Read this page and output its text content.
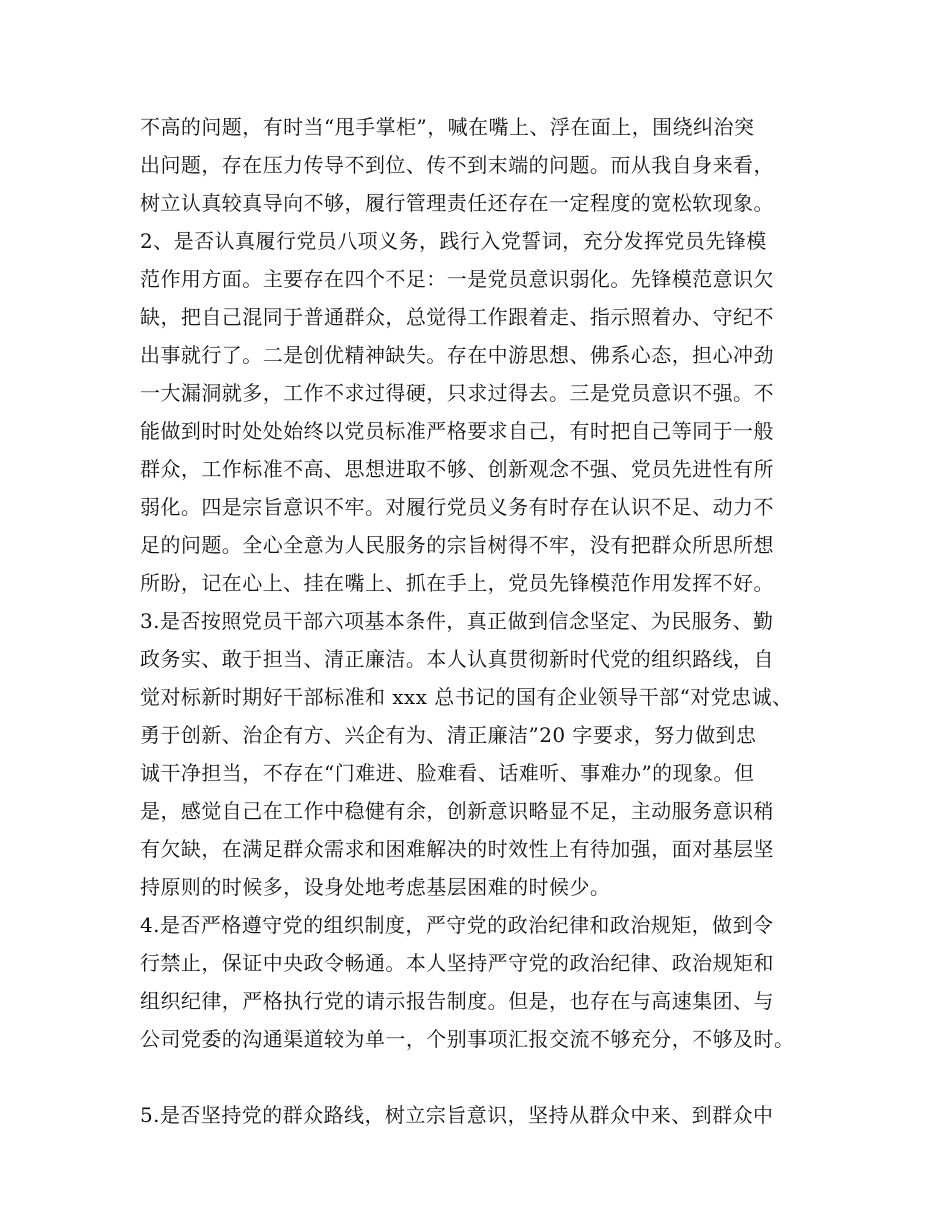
不高的问题，有时当“甩手掌柜”，喊在嘴上、浮在面上，围绕纠治突
出问题，存在压力传导不到位、传不到末端的问题。而从我自身来看，
树立认真较真导向不够，履行管理责任还存在一定程度的宽松软现象。
2、是否认真履行党员八项义务，践行入党誓词，充分发挥党员先锋模
范作用方面。主要存在四个不足：一是党员意识弱化。先锋模范意识欠
缺，把自己混同于普通群众，总觉得工作跟着走、指示照着办、守纪不
出事就行了。二是创优精神缺失。存在中游思想、佛系心态，担心冲劲
一大漏洞就多，工作不求过得硬，只求过得去。三是党员意识不强。不
能做到时时处处始终以党员标准严格要求自己，有时把自己等同于一般
群众，工作标准不高、思想进取不够、创新观念不强、党员先进性有所
弱化。四是宗旨意识不牢。对履行党员义务有时存在认识不足、动力不
足的问题。全心全意为人民服务的宗旨树得不牢，没有把群众所思所想
所盼，记在心上、挂在嘴上、抓在手上，党员先锋模范作用发挥不好。
3.是否按照党员干部六项基本条件，真正做到信念坚定、为民服务、勤
政务实、敢于担当、清正廉洁。本人认真贯彻新时代党的组织路线，自
觉对标新时期好干部标准和 xxx 总书记的国有企业领导干部“对党忠诚、
勇于创新、治企有方、兴企有为、清正廉洁”20 字要求，努力做到忠
诚干净担当，不存在“门难进、脸难看、话难听、事难办”的现象。但
是，感觉自己在工作中稳健有余，创新意识略显不足，主动服务意识稍
有欠缺，在满足群众需求和困难解决的时效性上有待加强，面对基层坚
持原则的时候多，设身处地考虑基层困难的时候少。
4.是否严格遵守党的组织制度，严守党的政治纪律和政治规矩，做到令
行禁止，保证中央政令畅通。本人坚持严守党的政治纪律、政治规矩和
组织纪律，严格执行党的请示报告制度。但是，也存在与高速集团、与
公司党委的沟通渠道较为单一，个别事项汇报交流不够充分，不够及时。
5.是否坚持党的群众路线，树立宗旨意识，坚持从群众中来、到群众中
